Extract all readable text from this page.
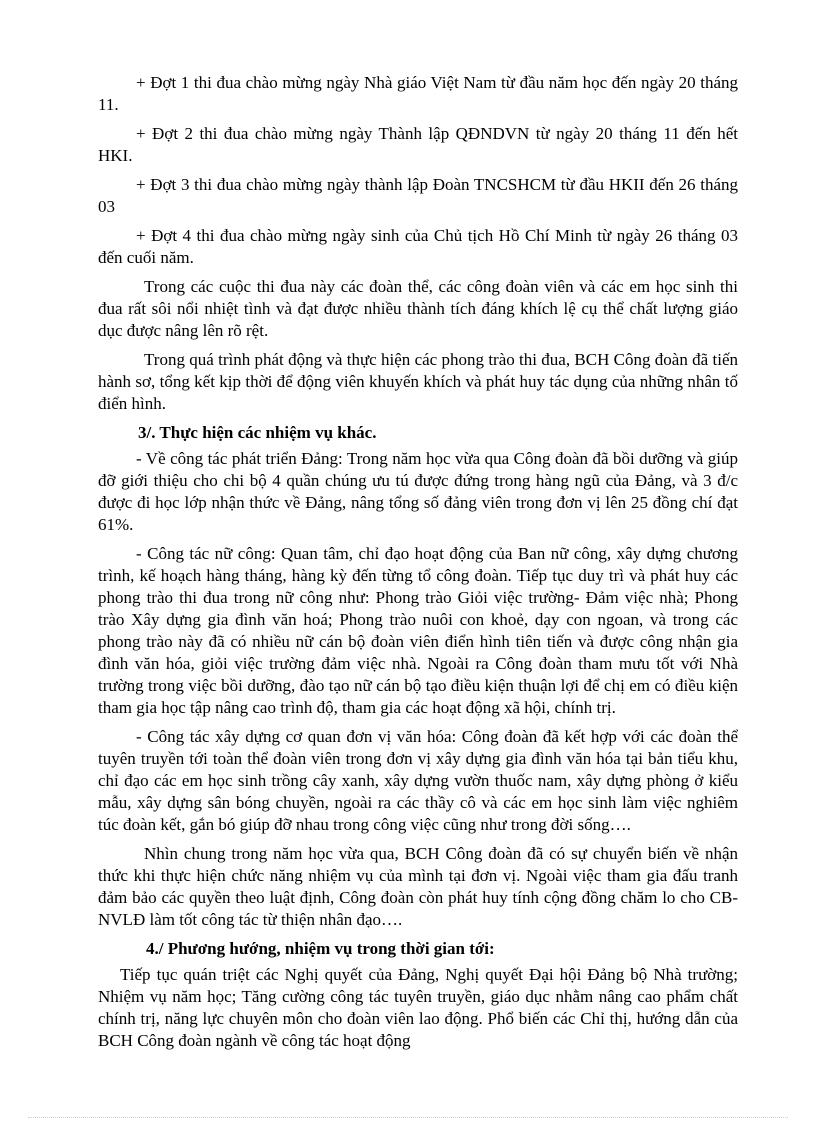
+ Đợt 1 thi đua chào mừng ngày Nhà giáo Việt Nam từ đầu năm học đến ngày 20 tháng 11.

+ Đợt 2 thi đua chào mừng ngày Thành lập QĐNDVN từ ngày 20 tháng 11 đến hết HKI.

+ Đợt 3 thi đua chào mừng ngày thành lập Đoàn TNCSHCM từ đầu HKII đến 26 tháng 03

+ Đợt 4 thi đua chào mừng ngày sinh của Chủ tịch Hồ Chí Minh từ ngày 26 tháng 03 đến cuối năm.

Trong các cuộc thi đua này các đoàn thể, các công đoàn viên và các em học sinh thi đua rất sôi nổi nhiệt tình và đạt được nhiều thành tích đáng khích lệ cụ thể chất lượng giáo dục được nâng lên rõ rệt.

Trong quá trình phát động và thực hiện các phong trào thi đua, BCH Công đoàn đã tiến hành sơ, tổng kết kịp thời để động viên khuyến khích và phát huy tác dụng của những nhân tố điển hình.

3/. Thực hiện các nhiệm vụ khác.

- Về công tác phát triển Đảng: Trong năm học vừa qua Công đoàn đã bồi dưỡng và giúp đỡ giới thiệu cho chi bộ 4 quần chúng ưu tú được đứng trong hàng ngũ của Đảng, và 3 đ/c được đi học lớp nhận thức về Đảng, nâng tổng số đảng viên trong đơn vị lên 25 đồng chí đạt 61%.

- Công tác nữ công: Quan tâm, chỉ đạo hoạt động của Ban nữ công, xây dựng chương trình, kế hoạch hàng tháng, hàng kỳ đến từng tổ công đoàn. Tiếp tục duy trì và phát huy các phong trào thi đua trong nữ công như: Phong trào Giỏi việc trường- Đảm việc nhà; Phong trào Xây dựng gia đình văn hoá; Phong trào nuôi con khoẻ, dạy con ngoan, và trong các phong trào này đã có nhiều nữ cán bộ đoàn viên điển hình tiên tiến và được công nhận gia đình văn hóa, giỏi việc trường đảm việc nhà. Ngoài ra Công đoàn tham mưu tốt với Nhà trường trong việc bồi dưỡng, đào tạo nữ cán bộ tạo điều kiện thuận lợi để chị em có điều kiện tham gia học tập nâng cao trình độ, tham gia các hoạt động xã hội, chính trị.

- Công tác xây dựng cơ quan đơn vị văn hóa: Công đoàn đã kết hợp với các đoàn thể tuyên truyền tới toàn thể đoàn viên trong đơn vị xây dựng gia đình văn hóa tại bản tiểu khu, chỉ đạo các em học sinh trồng cây xanh, xây dựng vườn thuốc nam, xây dựng phòng ở kiểu mẫu, xây dựng sân bóng chuyền, ngoài ra các thầy cô và các em học sinh làm việc nghiêm túc đoàn kết, gắn bó giúp đỡ nhau trong công việc cũng như trong đời sống….

Nhìn chung trong năm học vừa qua, BCH Công đoàn đã có sự chuyển biến về nhận thức khi thực hiện chức năng nhiệm vụ của mình tại đơn vị. Ngoài việc tham gia đấu tranh đảm bảo các quyền theo luật định, Công đoàn còn phát huy tính cộng đồng chăm lo cho CB-NVLĐ làm tốt công tác từ thiện nhân đạo….

4./ Phương hướng, nhiệm vụ trong thời gian tới:

Tiếp tục quán triệt các Nghị quyết của Đảng, Nghị quyết Đại hội Đảng bộ Nhà trường; Nhiệm vụ năm học; Tăng cường công tác tuyên truyền, giáo dục nhằm nâng cao phẩm chất chính trị, năng lực chuyên môn cho đoàn viên lao động. Phổ biến các Chỉ thị, hướng dẫn của BCH Công đoàn ngành về công tác hoạt động
